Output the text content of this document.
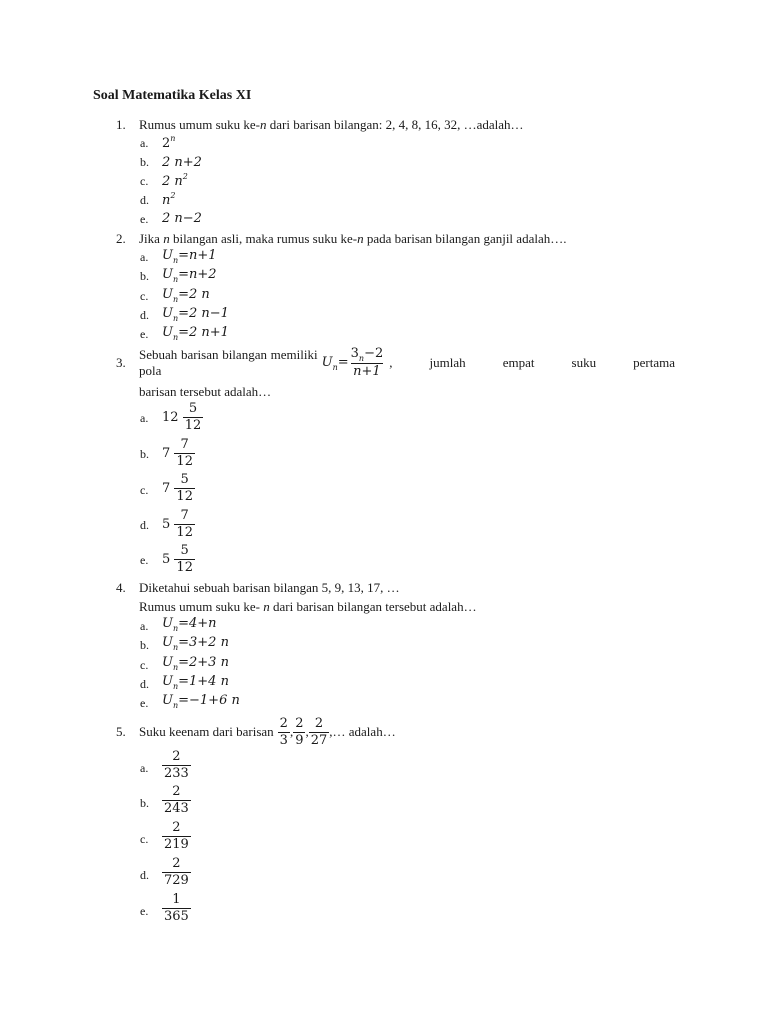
Soal Matematika Kelas XI
1. Rumus umum suku ke-n dari barisan bilangan: 2, 4, 8, 16, 32, …adalah…
a. 2$^n$
b. 2 n+2
c. 2 $n^2$
d. $n^2$
e. 2 n−2
2. Jika n bilangan asli, maka rumus suku ke-n pada barisan bilangan ganjil adalah….
a. $U_n=n+1$
b. $U_n=n+2$
c. $U_n=2$ n
d. $U_n=2$ n−1
e. $U_n=2$ n+1
3.
Sebuah barisan bilangan memiliki pola
$U_n= \frac{3_n-2}{n+1}$ , jumlah empat suku pertama
barisan tersebut adalah…
a. $12 \frac{5}{12}$
b. $7 \frac{7}{12}$
c. $7 \frac{5}{12}$
d. $5 \frac{7}{12}$
e. $5 \frac{5}{12}$
4. Diketahui sebuah barisan bilangan 5, 9, 13, 17, …
Rumus umum suku ke- n dari barisan bilangan tersebut adalah…
a. $U_n=4+n$
b. $U_n=3+2$ n
c. $U_n=2+3$ n
d. $U_n=1+4$ n
e. $U_n=-1+6$ n
5. Suku keenam dari barisan $\frac{2}{3}$ , $\frac{2}{9}$ , $\frac{2}{27}$ ,… adalah…
a. $\frac{2}{233}$
b. $\frac{2}{243}$
c. $\frac{2}{219}$
d. $\frac{2}{729}$
e. $\frac{1}{365}$
